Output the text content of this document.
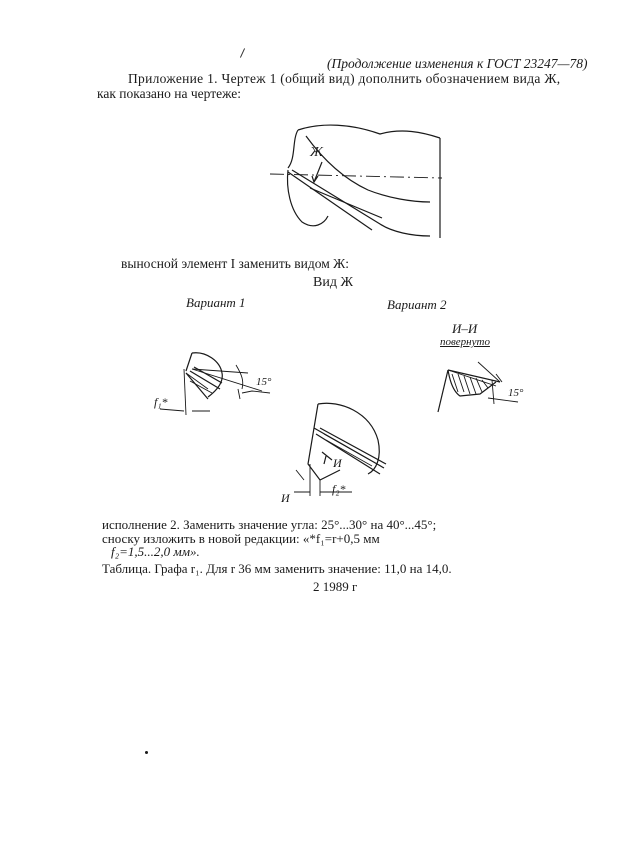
(Продолжение изменения к ГОСТ 23247—78)
Приложение 1. Чертеж 1 (общий вид) дополнить обозначением вида Ж,
как показано на чертеже:
Ж
выносной элемент I заменить видом Ж:
Вид Ж
Вариант 1	Вариант 2
15°
f₁*
И
f₂*
И
И–И
повернуто
15°
исполнение 2. Заменить значение угла: 25°...30° на 40°...45°;
сноску изложить в новой редакции: «*f₁=r+0,5 мм
f₂=1,5...2,0 мм».
Таблица. Графа r₁. Для r 36 мм заменить значение: 11,0 на 14,0.
2 1989 г
